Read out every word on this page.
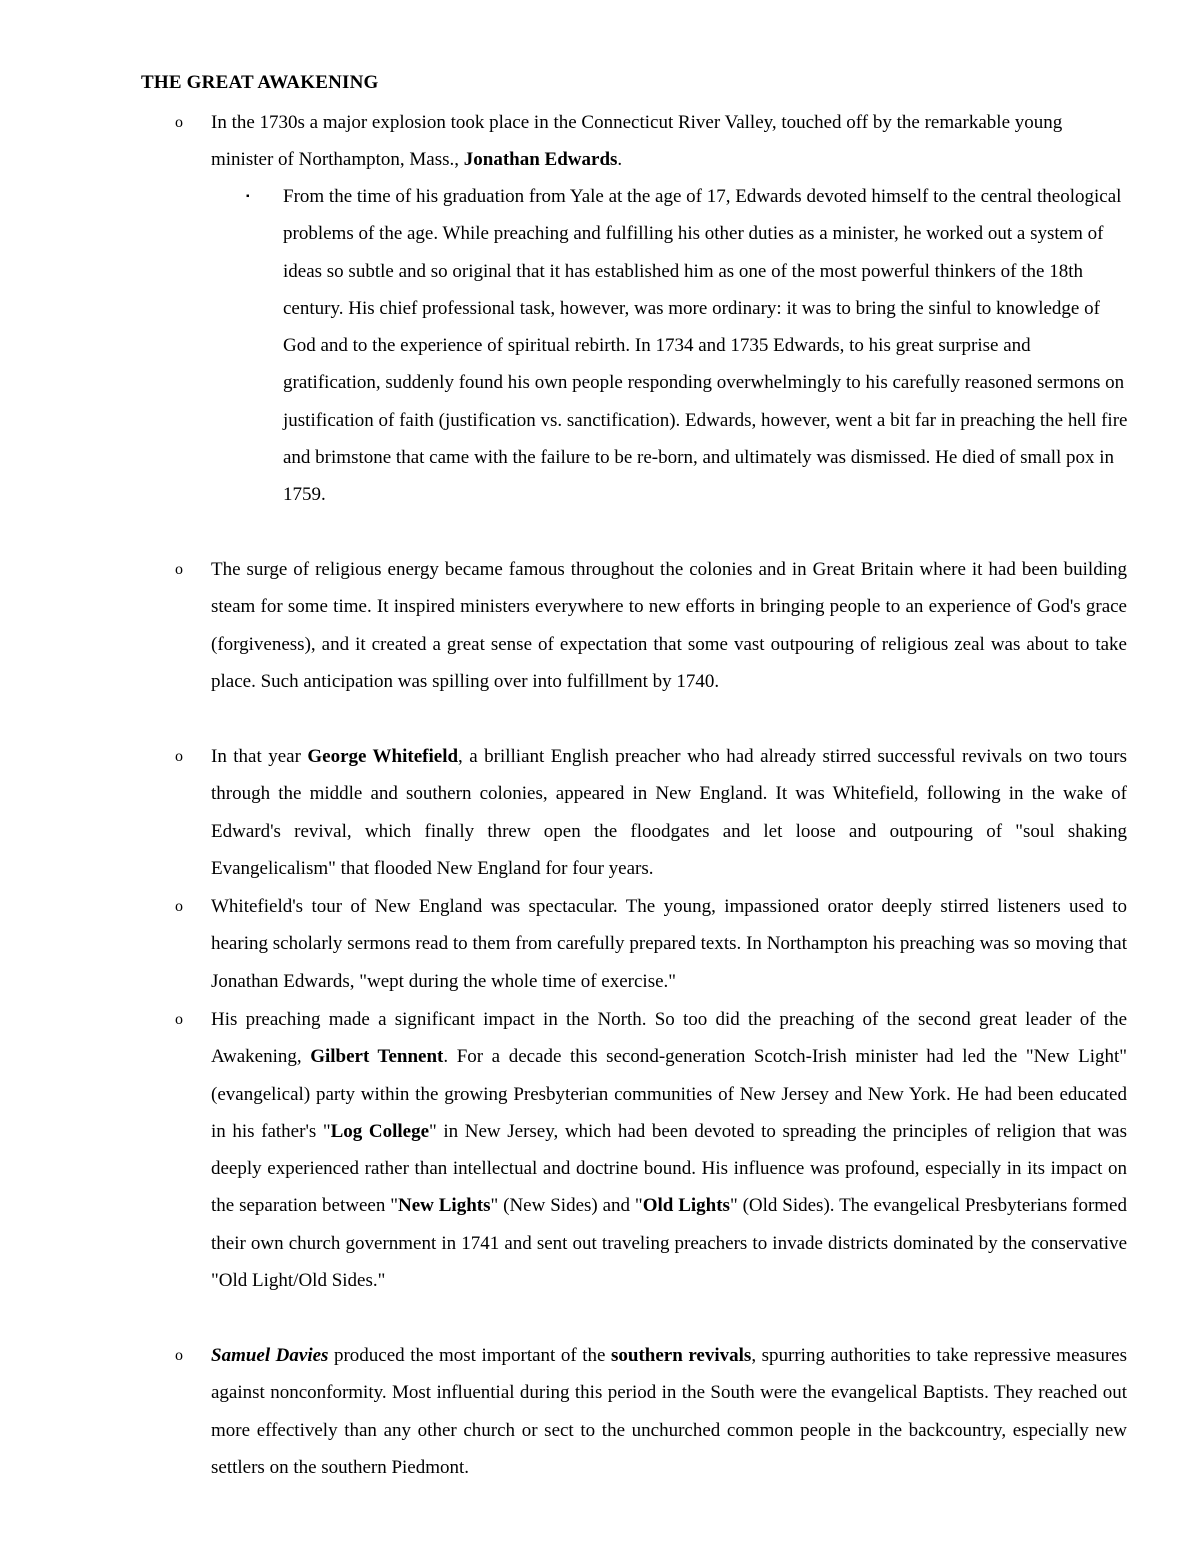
THE GREAT AWAKENING
o In the 1730s a major explosion took place in the Connecticut River Valley, touched off by the remarkable young minister of Northampton, Mass., Jonathan Edwards.
▪ From the time of his graduation from Yale at the age of 17, Edwards devoted himself to the central theological problems of the age. While preaching and fulfilling his other duties as a minister, he worked out a system of ideas so subtle and so original that it has established him as one of the most powerful thinkers of the 18th century. His chief professional task, however, was more ordinary: it was to bring the sinful to knowledge of God and to the experience of spiritual rebirth. In 1734 and 1735 Edwards, to his great surprise and gratification, suddenly found his own people responding overwhelmingly to his carefully reasoned sermons on justification of faith (justification vs. sanctification). Edwards, however, went a bit far in preaching the hell fire and brimstone that came with the failure to be re-born, and ultimately was dismissed. He died of small pox in 1759.
o The surge of religious energy became famous throughout the colonies and in Great Britain where it had been building steam for some time. It inspired ministers everywhere to new efforts in bringing people to an experience of God's grace (forgiveness), and it created a great sense of expectation that some vast outpouring of religious zeal was about to take place. Such anticipation was spilling over into fulfillment by 1740.
o In that year George Whitefield, a brilliant English preacher who had already stirred successful revivals on two tours through the middle and southern colonies, appeared in New England. It was Whitefield, following in the wake of Edward's revival, which finally threw open the floodgates and let loose and outpouring of "soul shaking Evangelicalism" that flooded New England for four years.
o Whitefield's tour of New England was spectacular. The young, impassioned orator deeply stirred listeners used to hearing scholarly sermons read to them from carefully prepared texts. In Northampton his preaching was so moving that Jonathan Edwards, "wept during the whole time of exercise."
o His preaching made a significant impact in the North. So too did the preaching of the second great leader of the Awakening, Gilbert Tennent. For a decade this second-generation Scotch-Irish minister had led the "New Light" (evangelical) party within the growing Presbyterian communities of New Jersey and New York. He had been educated in his father's "Log College" in New Jersey, which had been devoted to spreading the principles of religion that was deeply experienced rather than intellectual and doctrine bound. His influence was profound, especially in its impact on the separation between "New Lights" (New Sides) and "Old Lights" (Old Sides). The evangelical Presbyterians formed their own church government in 1741 and sent out traveling preachers to invade districts dominated by the conservative "Old Light/Old Sides."
o Samuel Davies produced the most important of the southern revivals, spurring authorities to take repressive measures against nonconformity. Most influential during this period in the South were the evangelical Baptists. They reached out more effectively than any other church or sect to the unchurched common people in the backcountry, especially new settlers on the southern Piedmont.
